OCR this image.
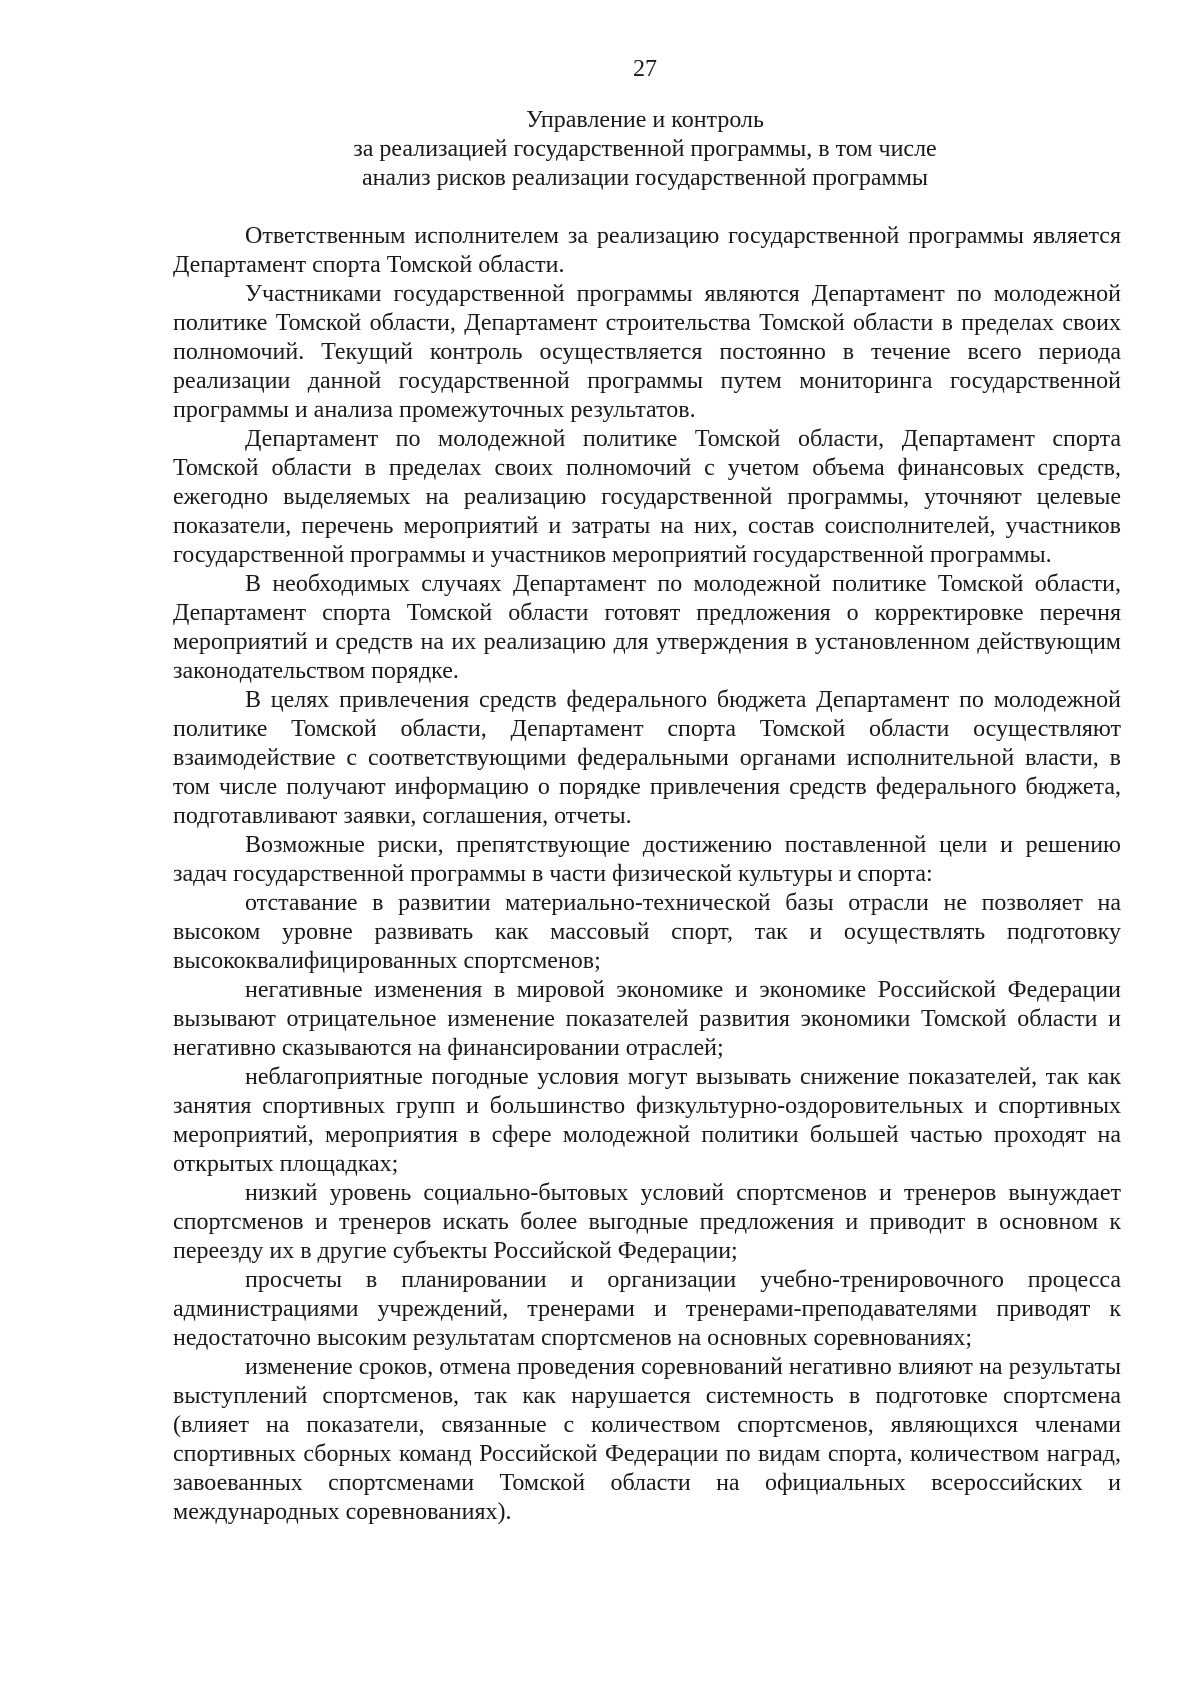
27
Управление и контроль
за реализацией государственной программы, в том числе
анализ рисков реализации государственной программы

Ответственным исполнителем за реализацию государственной программы является Департамент спорта Томской области.

Участниками государственной программы являются Департамент по молодежной политике Томской области, Департамент строительства Томской области в пределах своих полномочий. Текущий контроль осуществляется постоянно в течение всего периода реализации данной государственной программы путем мониторинга государственной программы и анализа промежуточных результатов.

Департамент по молодежной политике Томской области, Департамент спорта Томской области в пределах своих полномочий с учетом объема финансовых средств, ежегодно выделяемых на реализацию государственной программы, уточняют целевые показатели, перечень мероприятий и затраты на них, состав соисполнителей, участников государственной программы и участников мероприятий государственной программы.

В необходимых случаях Департамент по молодежной политике Томской области, Департамент спорта Томской области готовят предложения о корректировке перечня мероприятий и средств на их реализацию для утверждения в установленном действующим законодательством порядке.

В целях привлечения средств федерального бюджета Департамент по молодежной политике Томской области, Департамент спорта Томской области осуществляют взаимодействие с соответствующими федеральными органами исполнительной власти, в том числе получают информацию о порядке привлечения средств федерального бюджета, подготавливают заявки, соглашения, отчеты.

Возможные риски, препятствующие достижению поставленной цели и решению задач государственной программы в части физической культуры и спорта:

отставание в развитии материально-технической базы отрасли не позволяет на высоком уровне развивать как массовый спорт, так и осуществлять подготовку высококвалифицированных спортсменов;

негативные изменения в мировой экономике и экономике Российской Федерации вызывают отрицательное изменение показателей развития экономики Томской области и негативно сказываются на финансировании отраслей;

неблагоприятные погодные условия могут вызывать снижение показателей, так как занятия спортивных групп и большинство физкультурно-оздоровительных и спортивных мероприятий, мероприятия в сфере молодежной политики большей частью проходят на открытых площадках;

низкий уровень социально-бытовых условий спортсменов и тренеров вынуждает спортсменов и тренеров искать более выгодные предложения и приводит в основном к переезду их в другие субъекты Российской Федерации;

просчеты в планировании и организации учебно-тренировочного процесса администрациями учреждений, тренерами и тренерами-преподавателями приводят к недостаточно высоким результатам спортсменов на основных соревнованиях;

изменение сроков, отмена проведения соревнований негативно влияют на результаты выступлений спортсменов, так как нарушается системность в подготовке спортсмена (влияет на показатели, связанные с количеством спортсменов, являющихся членами спортивных сборных команд Российской Федерации по видам спорта, количеством наград, завоеванных спортсменами Томской области на официальных всероссийских и международных соревнованиях).
